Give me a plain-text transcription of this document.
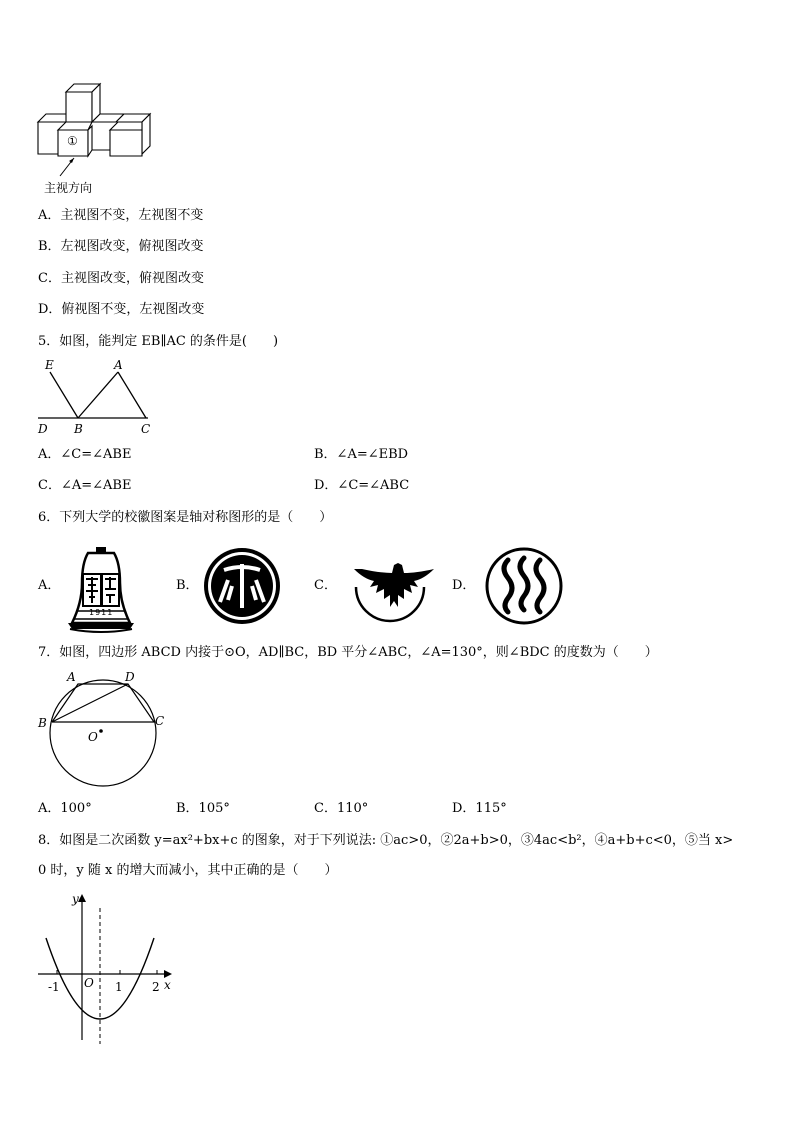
①
主视方向
A．主视图不变，左视图不变
B．左视图改变，俯视图改变
C．主视图改变，俯视图改变
D．俯视图不变，左视图改变
5．如图，能判定 EB∥AC 的条件是(　　)
E	A
D B	C
A．∠C=∠ABE	B．∠A=∠EBD
C．∠A=∠ABE	D．∠C=∠ABC
6．下列大学的校徽图案是轴对称图形的是（　　）
A．
1911
B．	C．	D．
7．如图，四边形 ABCD 内接于⊙O，AD∥BC，BD 平分∠ABC，∠A=130°，则∠BDC 的度数为（　　）
A	D
B	C
O
A．100°	B．105°	C．110°	D．115°
8．如图是二次函数 y=ax²+bx+c 的图象，对于下列说法: ①ac>0，②2a+b>0，③4ac<b²，④a+b+c<0，⑤当 x>
0 时，y 随 x 的增大而减小，其中正确的是（　　）
y
x
O
-1	1 2
